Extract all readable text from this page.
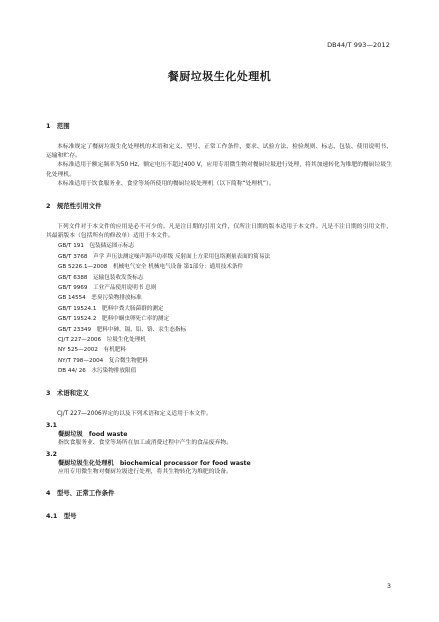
DB44/T 993—2012
餐厨垃圾生化处理机

1　范围

本标准规定了餐厨垃圾生化处理机的术语和定义、型号、正常工作条件、要求、试验方法、检验规则、标志、包装、使用说明书、运输和贮存。

本标准适用于额定频率为50 Hz、额定电压不超过400 V，应用专用微生物对餐厨垃圾进行处理，将其加速转化为堆肥的餐厨垃圾生化处理机。

本标准适用于饮食服务业、食堂等场所使用的餐厨垃圾处理机（以下简称“处理机”）。

2　规范性引用文件

下列文件对于本文件的应用是必不可少的。凡是注日期的引用文件，仅所注日期的版本适用于本文件。凡是不注日期的引用文件，其最新版本（包括所有的修改单）适用于本文件。

GB/T 191　包装储运图示标志

GB/T 3768　声学 声压法测定噪声源声功率级 反射面上方采用包络测量表面的简易法

GB 5226.1—2008　机械电气安全 机械电气设备 第1部分：通用技术条件

GB/T 6388　运输包装收发货标志

GB/T 9969　工业产品使用说明书 总则

GB 14554　恶臭污染物排放标准

GB/T 19524.1　肥料中粪大肠菌群的测定

GB/T 19524.2　肥料中蛔虫卵死亡率的测定

GB/T 23349　肥料中砷、镉、铅、铬、汞生态指标

CJ/T 227—2006　垃圾生化处理机

NY 525—2002　有机肥料

NY/T 798—2004　复合微生物肥料

DB 44/ 26　水污染物排放限值

3　术语和定义

CJ/T 227—2006界定的以及下列术语和定义适用于本文件。

3.1

餐厨垃圾　food waste

指饮食服务业、食堂等场所在加工或消费过程中产生的食品废弃物。

3.2

餐厨垃圾生化处理机　biochemical processor for food waste

应用专用微生物对餐厨垃圾进行处理，将其生物转化为堆肥的设备。

4　型号、正常工作条件

4.1　型号

3
